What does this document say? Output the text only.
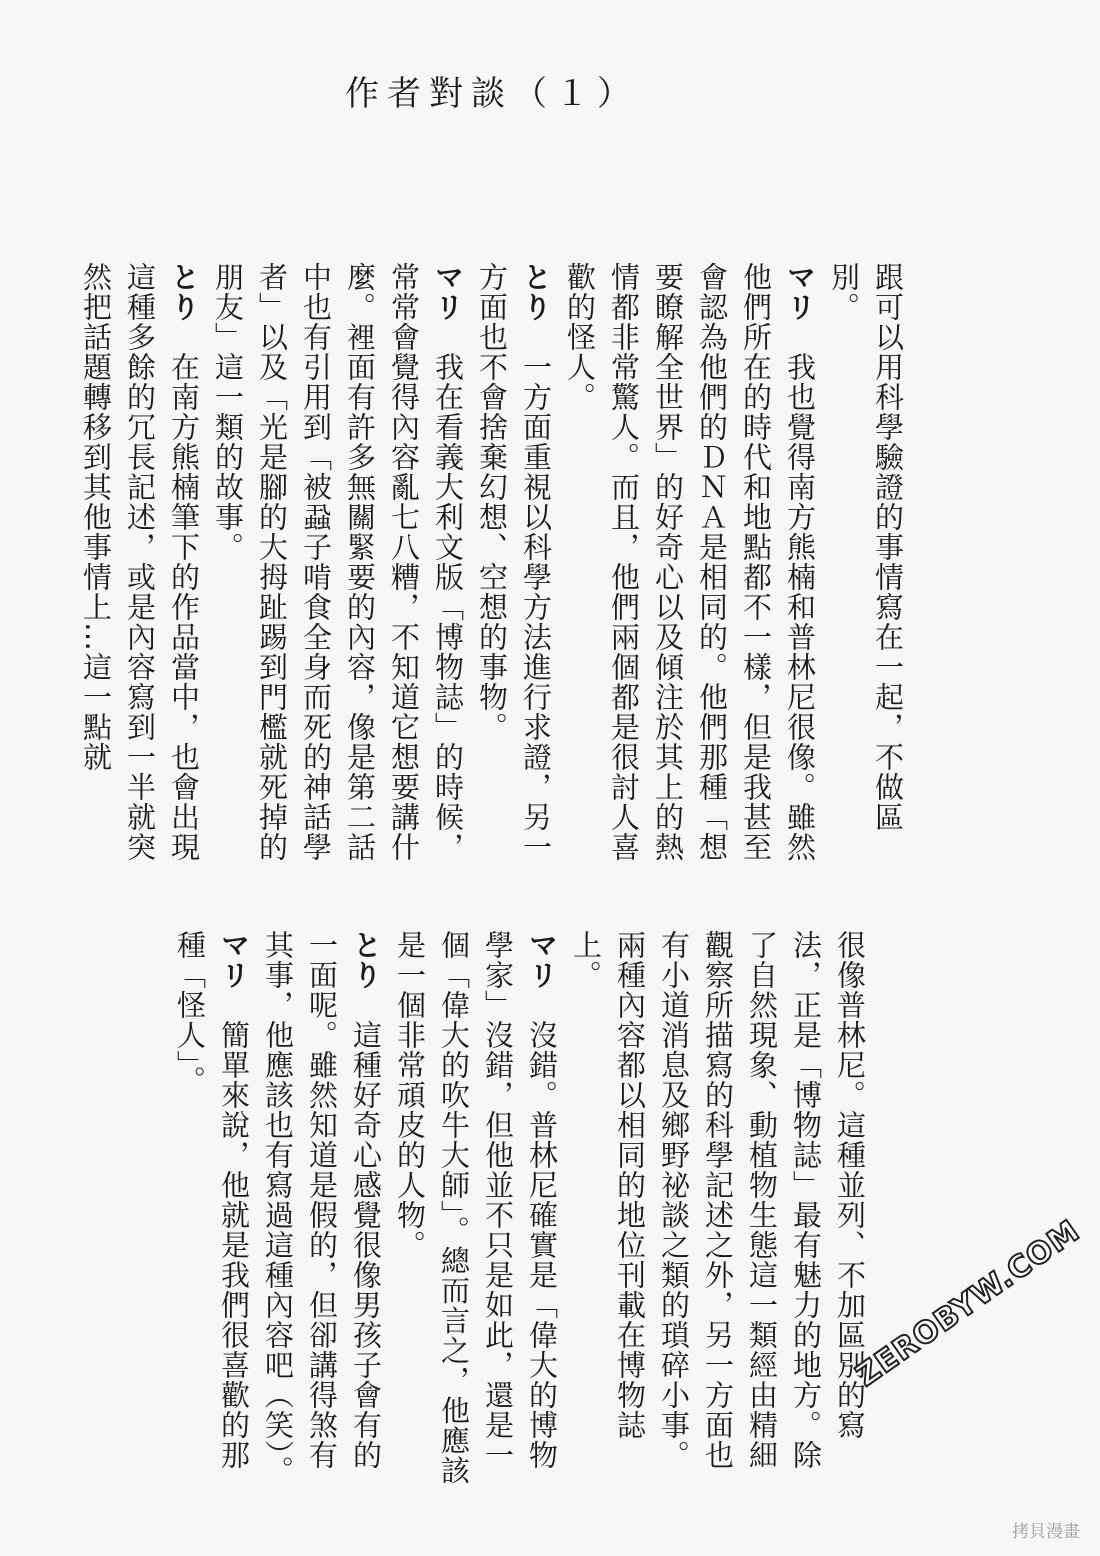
作者對談（１）

跟可以用科學驗證的事情寫在一起，不做區別。

マリ　我也覺得南方熊楠和普林尼很像。雖然他們所在的時代和地點都不一樣，但是我甚至會認為他們的ＤＮＡ是相同的。他們那種「想要瞭解全世界」的好奇心以及傾注於其上的熱情都非常驚人。而且，他們兩個都是很討人喜歡的怪人。

とり　一方面重視以科學方法進行求證，另一方面也不會捨棄幻想、空想的事物。

マリ　我在看義大利文版「博物誌」的時候，常常會覺得內容亂七八糟，不知道它想要講什麼。裡面有許多無關緊要的內容，像是第二話中也有引用到「被蝨子啃食全身而死的神話學者」以及「光是腳的大拇趾踢到門檻就死掉的朋友」這一類的故事。

とり　在南方熊楠筆下的作品當中，也會出現這種多餘的冗長記述，或是內容寫到一半就突然把話題轉移到其他事情上…這一點就

很像普林尼。這種並列、不加區別的寫法，正是「博物誌」最有魅力的地方。除了自然現象、動植物生態這一類經由精細觀察所描寫的科學記述之外，另一方面也有小道消息及鄉野祕談之類的瑣碎小事。兩種內容都以相同的地位刊載在博物誌上。

マリ　沒錯。普林尼確實是「偉大的博物學家」沒錯，但他並不只是如此，還是一個「偉大的吹牛大師」。總而言之，他應該是一個非常頑皮的人物。

とり　這種好奇心感覺很像男孩子會有的一面呢。雖然知道是假的，但卻講得煞有其事，他應該也有寫過這種內容吧（笑）。

マリ　簡單來說，他就是我們很喜歡的那種「怪人」。

ZEROBYW.COM
拷貝漫畫
